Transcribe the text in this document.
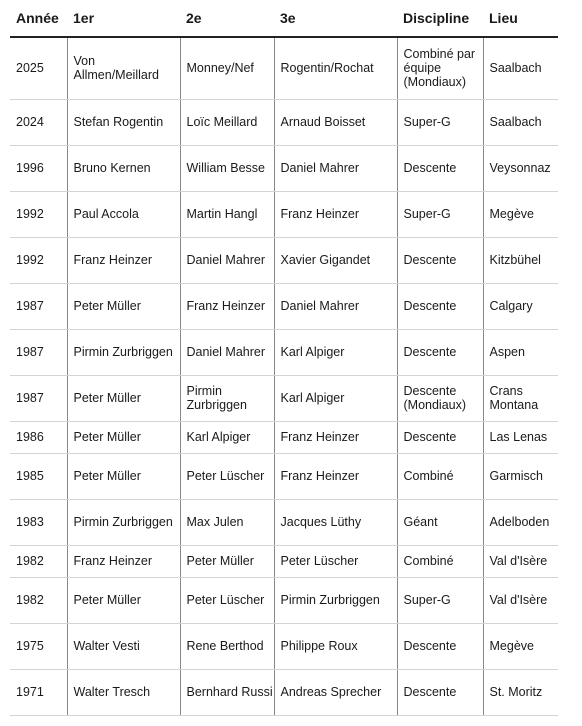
Année	1er	2e	3e	Discipline	Lieu
2025	Von Allmen/Meillard	Monney/Nef	Rogentin/Rochat	Combiné par équipe (Mondiaux)	Saalbach
2024	Stefan Rogentin	Loïc Meillard	Arnaud Boisset	Super-G	Saalbach
1996	Bruno Kernen	William Besse	Daniel Mahrer	Descente	Veysonnaz
1992	Paul Accola	Martin Hangl	Franz Heinzer	Super-G	Megève
1992	Franz Heinzer	Daniel Mahrer	Xavier Gigandet	Descente	Kitzbühel
1987	Peter Müller	Franz Heinzer	Daniel Mahrer	Descente	Calgary
1987	Pirmin Zurbriggen	Daniel Mahrer	Karl Alpiger	Descente	Aspen
1987	Peter Müller	Pirmin Zurbriggen	Karl Alpiger	Descente (Mondiaux)	Crans Montana
1986	Peter Müller	Karl Alpiger	Franz Heinzer	Descente	Las Lenas
1985	Peter Müller	Peter Lüscher	Franz Heinzer	Combiné	Garmisch
1983	Pirmin Zurbriggen	Max Julen	Jacques Lüthy	Géant	Adelboden
1982	Franz Heinzer	Peter Müller	Peter Lüscher	Combiné	Val d'Isère
1982	Peter Müller	Peter Lüscher	Pirmin Zurbriggen	Super-G	Val d'Isère
1975	Walter Vesti	Rene Berthod	Philippe Roux	Descente	Megève
1971	Walter Tresch	Bernhard Russi	Andreas Sprecher	Descente	St. Moritz
